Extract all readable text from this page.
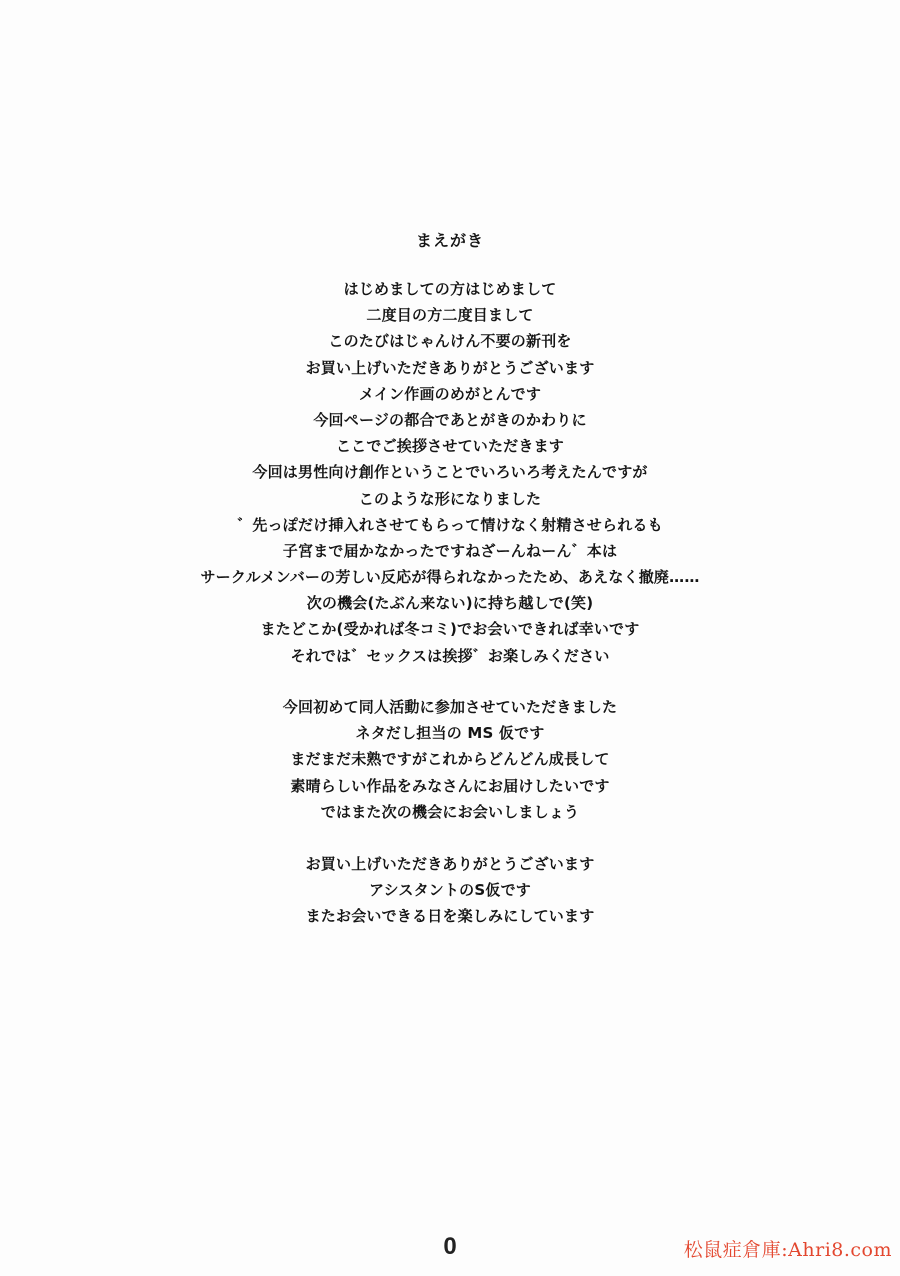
まえがき
はじめましての方はじめまして
二度目の方二度目まして
このたびはじゃんけん不要の新刊を
お買い上げいただきありがとうございます
メイン作画のめがとんです
今回ページの都合であとがきのかわりに
ここでご挨拶させていただきます
今回は男性向け創作ということでいろいろ考えたんですが
このような形になりました
゛先っぽだけ挿入れさせてもらって情けなく射精させられるも
子宮まで届かなかったですねざーんねーん゛本は
サークルメンバーの芳しい反応が得られなかったため、あえなく撤廃……
次の機会(たぶん来ない)に持ち越しで(笑)
またどこか(受かれば冬コミ)でお会いできれば幸いです
それでは゛セックスは挨拶゛お楽しみください
今回初めて同人活動に参加させていただきました
ネタだし担当の MS 仮です
まだまだ未熟ですがこれからどんどん成長して
素晴らしい作品をみなさんにお届けしたいです
ではまた次の機会にお会いしましょう
お買い上げいただきありがとうございます
アシスタントのS仮です
またお会いできる日を楽しみにしています
0	松鼠症倉庫:Ahri8.com
